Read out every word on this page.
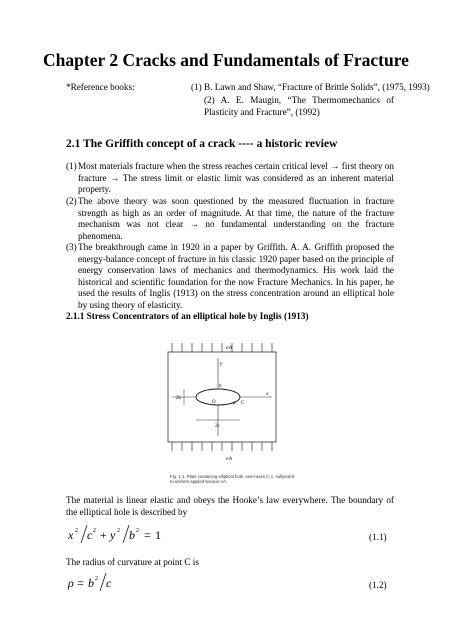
Chapter 2 Cracks and Fundamentals of Fracture
*Reference books:	(1) B. Lawn and Shaw, “Fracture of Brittle Solids”, (1975, 1993)
(2) A. E. Maugin, “The Thermomechanics of Plasticity and Fracture”, (1992)
2.1 The Griffith concept of a crack ---- a historic review
(1) Most materials fracture when the stress reaches certain critical level → first theory on fracture → The stress limit or elastic limit was considered as an inherent material property.
(2) The above theory was soon questioned by the measured fluctuation in fracture strength as high as an order of magnitude. At that time, the nature of the fracture mechanism was not clear → no fundamental understanding on the fracture phenomena.
(3) The breakthrough came in 1920 in a paper by Griffith. A. A. Griffith proposed the energy-balance concept of fracture in his classic 1920 paper based on the principle of energy conservation laws of mechanics and thermodynamics. His work laid the historical and scientific foundation for the now Fracture Mechanics. In his paper, he used the results of Inglis (1913) on the stress concentration around an elliptical hole by using theory of elasticity.
2.1.1 Stress Concentrators of an elliptical hole by Inglis (1913)
σA
σA
y
x
b
2b
C
O	ρ
2c
Fig. 1.1. Plate containing elliptical hole, semi-axes b, c, subjected to uniform applied tension σA.
The material is linear elastic and obeys the Hooke’s law everywhere. The boundary of the elliptical hole is described by
x 2 c 2 + y 2 b 2 = 1	(1.1)
The radius of curvature at point C is
ρ = b 2 c	(1.2)
